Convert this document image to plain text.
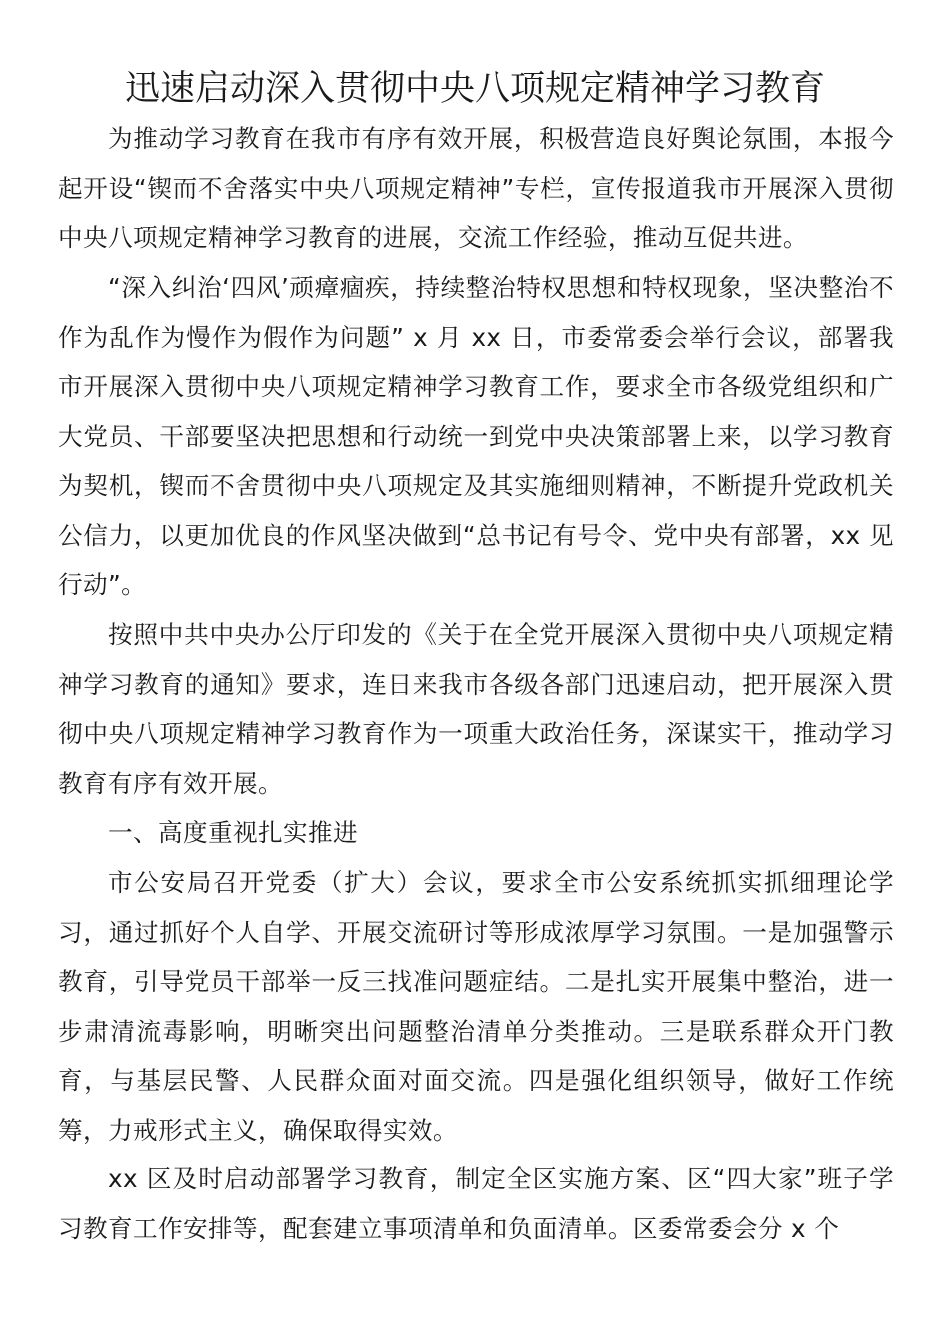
迅速启动深入贯彻中央八项规定精神学习教育

为推动学习教育在我市有序有效开展，积极营造良好舆论氛围，本报今起开设“锲而不舍落实中央八项规定精神”专栏，宣传报道我市开展深入贯彻中央八项规定精神学习教育的进展，交流工作经验，推动互促共进。

“深入纠治‘四风’顽瘴痼疾，持续整治特权思想和特权现象，坚决整治不作为乱作为慢作为假作为问题” x 月 xx 日，市委常委会举行会议，部署我市开展深入贯彻中央八项规定精神学习教育工作，要求全市各级党组织和广大党员、干部要坚决把思想和行动统一到党中央决策部署上来，以学习教育为契机，锲而不舍贯彻中央八项规定及其实施细则精神，不断提升党政机关公信力，以更加优良的作风坚决做到“总书记有号令、党中央有部署，xx 见行动”。

按照中共中央办公厅印发的《关于在全党开展深入贯彻中央八项规定精神学习教育的通知》要求，连日来我市各级各部门迅速启动，把开展深入贯彻中央八项规定精神学习教育作为一项重大政治任务，深谋实干，推动学习教育有序有效开展。

一、高度重视扎实推进

市公安局召开党委（扩大）会议，要求全市公安系统抓实抓细理论学习，通过抓好个人自学、开展交流研讨等形成浓厚学习氛围。一是加强警示教育，引导党员干部举一反三找准问题症结。二是扎实开展集中整治，进一步肃清流毒影响，明晰突出问题整治清单分类推动。三是联系群众开门教育，与基层民警、人民群众面对面交流。四是强化组织领导，做好工作统筹，力戒形式主义，确保取得实效。

xx 区及时启动部署学习教育，制定全区实施方案、区“四大家”班子学习教育工作安排等，配套建立事项清单和负面清单。区委常委会分 x 个
